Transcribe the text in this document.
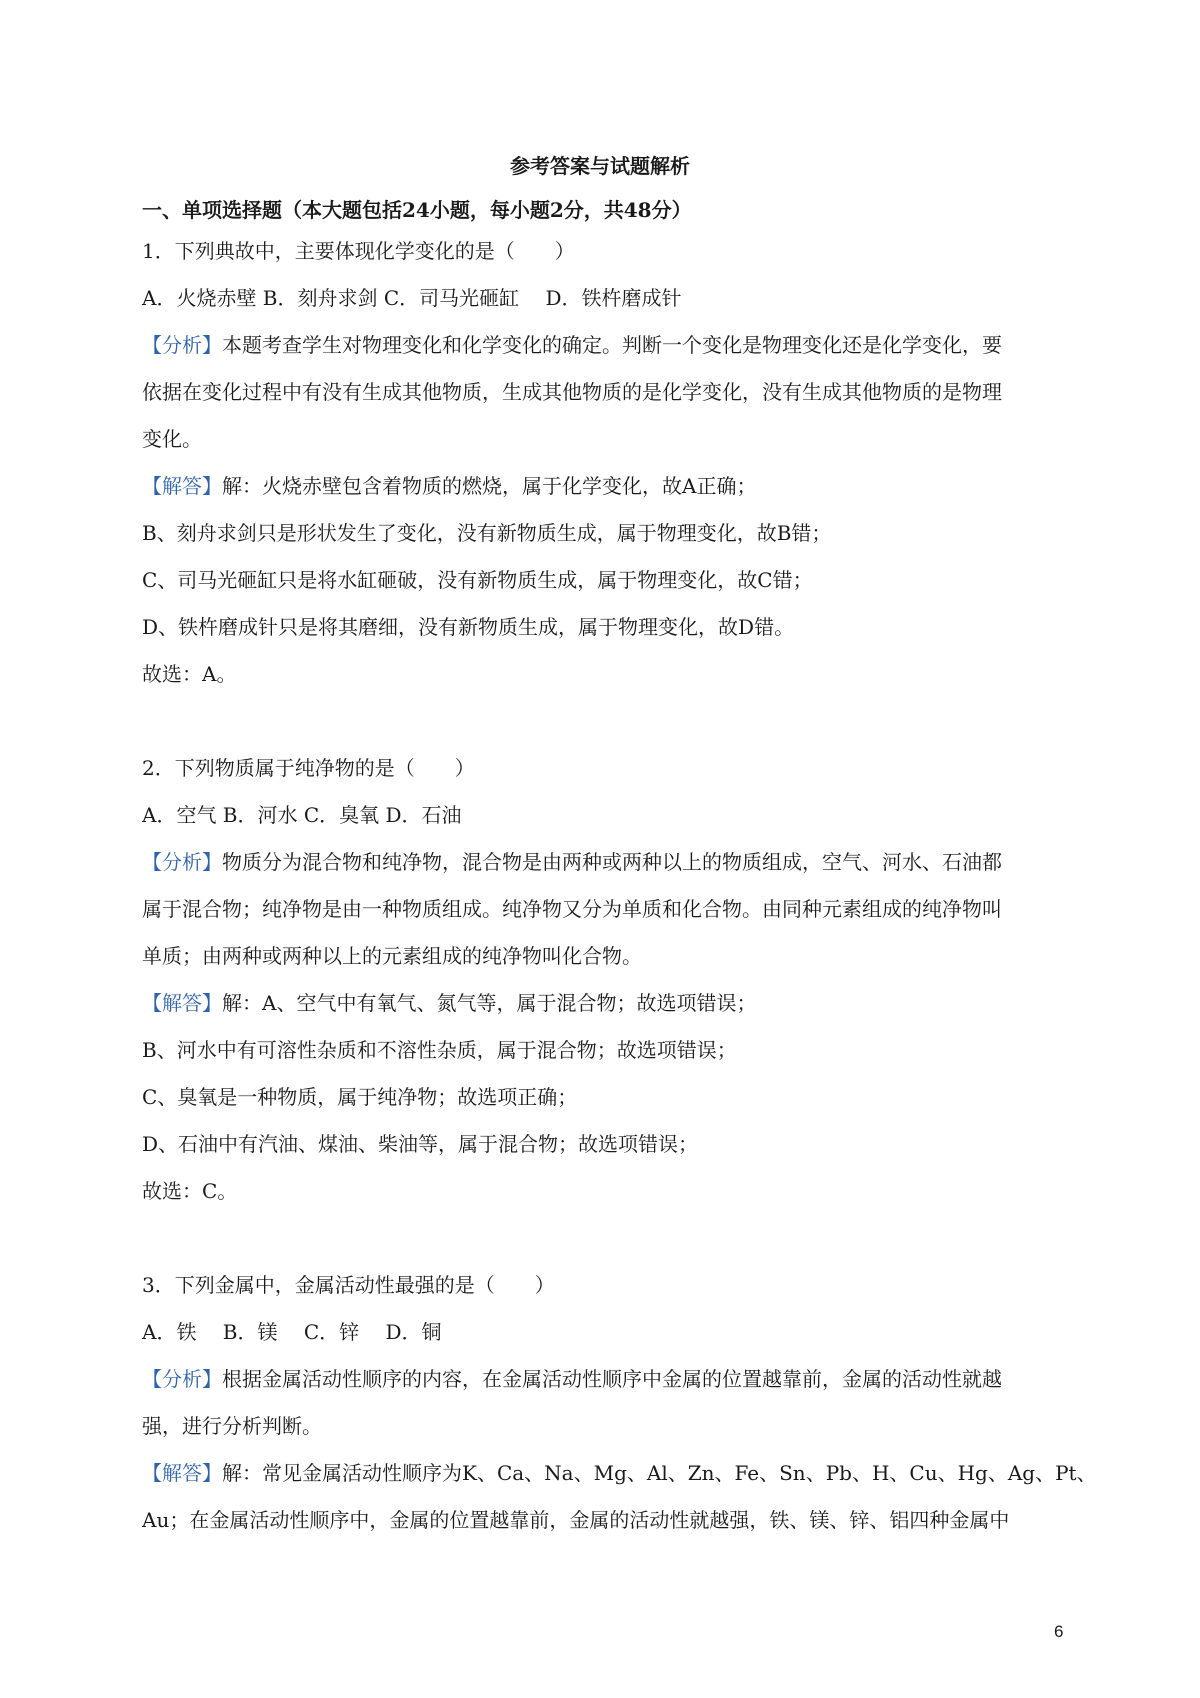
参考答案与试题解析
一、单项选择题（本大题包括24小题，每小题2分，共48分）
1．下列典故中，主要体现化学变化的是（　　）
A．火烧赤壁 B．刻舟求剑 C．司马光砸缸　 D．铁杵磨成针
【分析】本题考查学生对物理变化和化学变化的确定。判断一个变化是物理变化还是化学变化，要
依据在变化过程中有没有生成其他物质，生成其他物质的是化学变化，没有生成其他物质的是物理
变化。
【解答】解：火烧赤壁包含着物质的燃烧，属于化学变化，故A正确；
B、刻舟求剑只是形状发生了变化，没有新物质生成，属于物理变化，故B错；
C、司马光砸缸只是将水缸砸破，没有新物质生成，属于物理变化，故C错；
D、铁杵磨成针只是将其磨细，没有新物质生成，属于物理变化，故D错。
故选：A。
2．下列物质属于纯净物的是（　　）
A．空气 B．河水 C．臭氧 D．石油
【分析】物质分为混合物和纯净物，混合物是由两种或两种以上的物质组成，空气、河水、石油都
属于混合物；纯净物是由一种物质组成。纯净物又分为单质和化合物。由同种元素组成的纯净物叫
单质；由两种或两种以上的元素组成的纯净物叫化合物。
【解答】解：A、空气中有氧气、氮气等，属于混合物；故选项错误；
B、河水中有可溶性杂质和不溶性杂质，属于混合物；故选项错误；
C、臭氧是一种物质，属于纯净物；故选项正确；
D、石油中有汽油、煤油、柴油等，属于混合物；故选项错误；
故选：C。
3．下列金属中，金属活动性最强的是（　　）
A．铁　 B．镁　 C．锌　 D．铜
【分析】根据金属活动性顺序的内容，在金属活动性顺序中金属的位置越靠前，金属的活动性就越
强，进行分析判断。
【解答】解：常见金属活动性顺序为K、Ca、Na、Mg、Al、Zn、Fe、Sn、Pb、H、Cu、Hg、Ag、Pt、
Au；在金属活动性顺序中，金属的位置越靠前，金属的活动性就越强，铁、镁、锌、铝四种金属中
6
